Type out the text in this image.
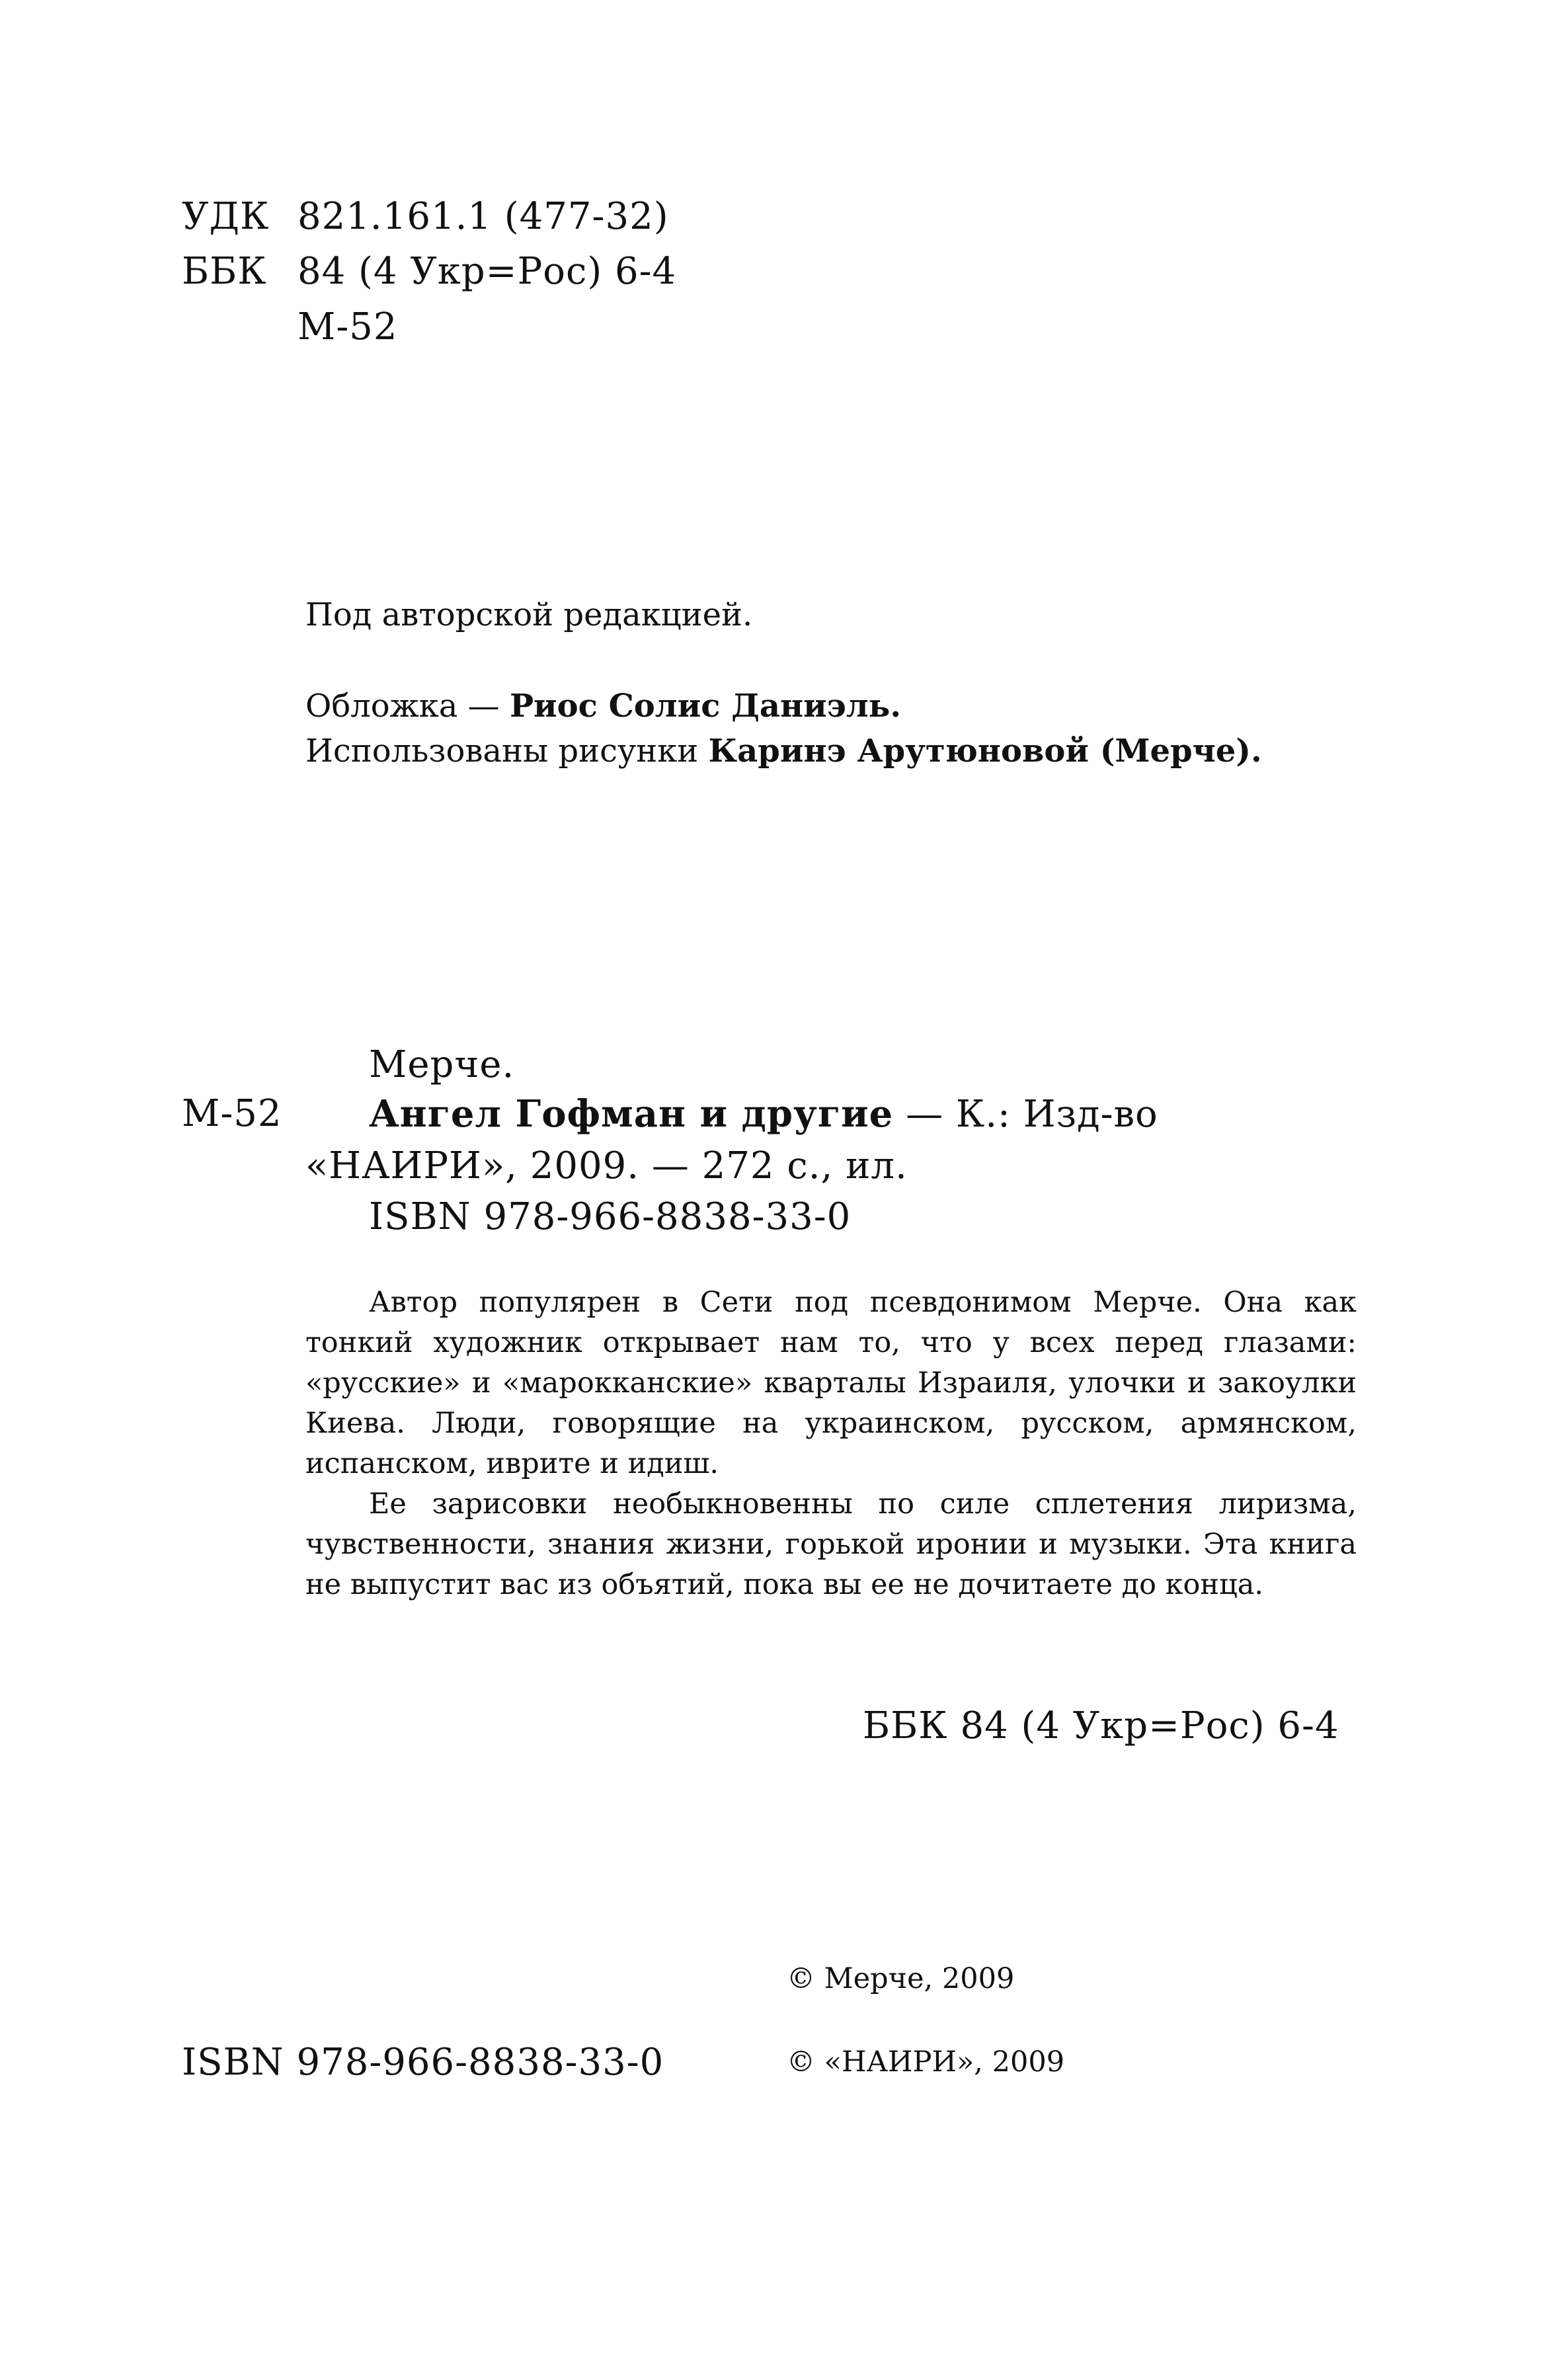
УДК 821.161.1 (477-32)
ББК 84 (4 Укр=Рос) 6-4
М-52
Под авторской редакцией.
Обложка — Риос Солис Даниэль.
Использованы рисунки Каринэ Арутюновой (Мерче).
Мерче.
М-52 Ангел Гофман и другие — К.: Изд-во
«НАИРИ», 2009. — 272 с., ил.
ISBN 978-966-8838-33-0

Автор популярен в Сети под псевдонимом Мерче. Она как тонкий художник открывает нам то, что у всех перед глазами: «русские» и «марокканские» кварталы Израиля, улочки и закоулки Киева. Люди, говорящие на украинском, русском, армянском, испанском, иврите и идиш.

Ее зарисовки необыкновенны по силе сплетения лиризма, чувственности, знания жизни, горькой иронии и музыки. Эта книга не выпустит вас из объятий, пока вы ее не дочитаете до конца.

ББК 84 (4 Укр=Рос) 6-4
© Мерче, 2009
ISBN 978-966-8838-33-0	© «НАИРИ», 2009
